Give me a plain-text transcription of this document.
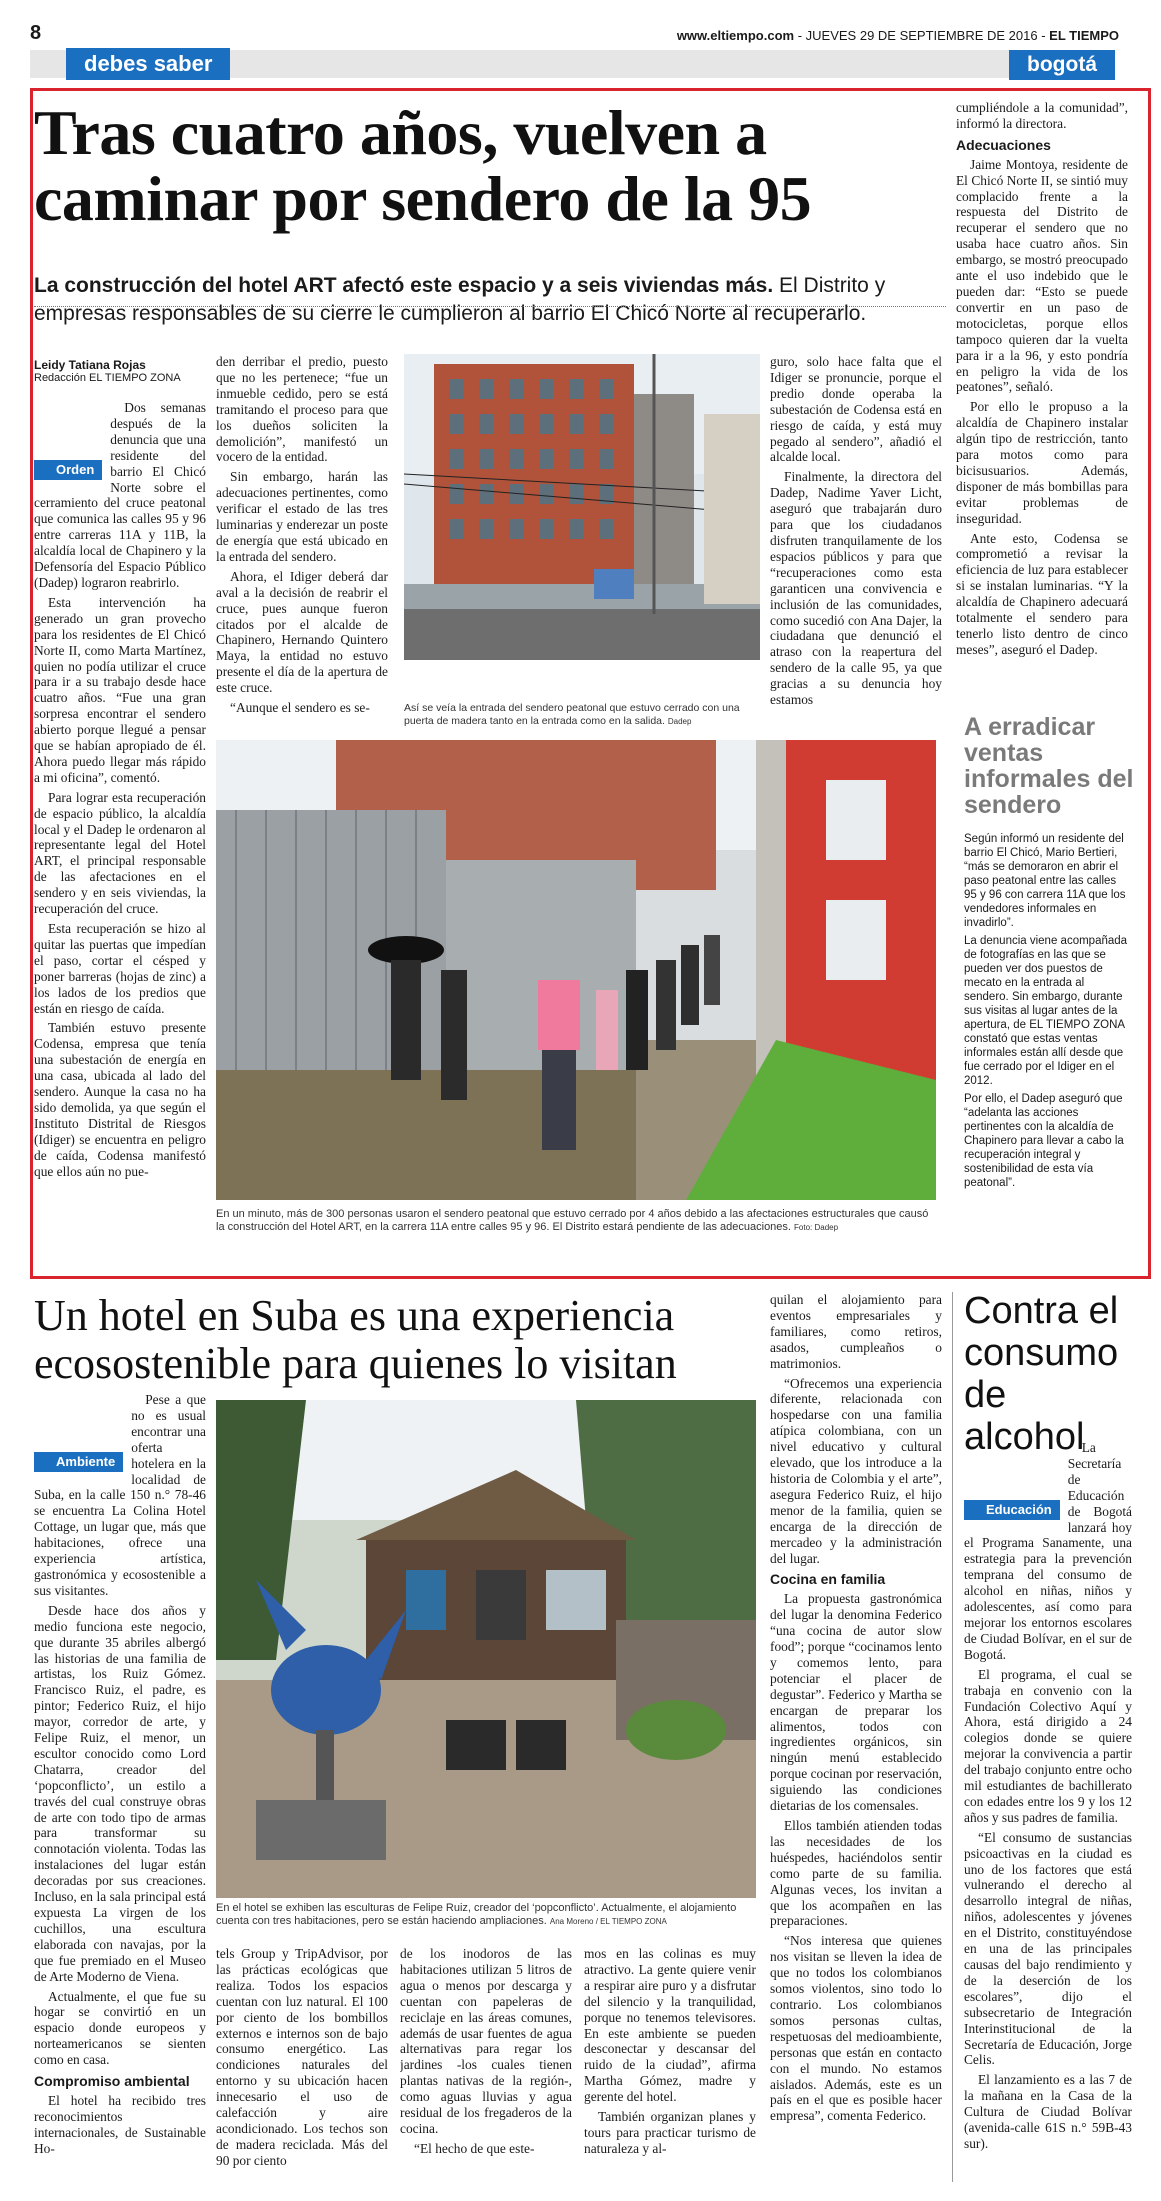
8	www.eltiempo.com - JUEVES 29 DE SEPTIEMBRE DE 2016 - EL TIEMPO
debes saber	bogotá
Tras cuatro años, vuelven a caminar por sendero de la 95
La construcción del hotel ART afectó este espacio y a seis viviendas más. El Distrito y empresas responsables de su cierre le cumplieron al barrio El Chicó Norte al recuperarlo.
Leidy Tatiana Rojas
Redacción EL TIEMPO ZONA

Orden
Dos semanas después de la denuncia que una residente del barrio El Chicó Norte sobre el cerramiento del cruce peatonal que comunica las calles 95 y 96 entre carreras 11A y 11B, la alcaldía local de Chapinero y la Defensoría del Espacio Público (Dadep) lograron reabrirlo.

Esta intervención ha generado un gran provecho para los residentes de El Chicó Norte II, como Marta Martínez, quien no podía utilizar el cruce para ir a su trabajo desde hace cuatro años. “Fue una gran sorpresa encontrar el sendero abierto porque llegué a pensar que se habían apropiado de él. Ahora puedo llegar más rápido a mi oficina”, comentó.

Para lograr esta recuperación de espacio público, la alcaldía local y el Dadep le ordenaron al representante legal del Hotel ART, el principal responsable de las afectaciones en el sendero y en seis viviendas, la recuperación del cruce.

Esta recuperación se hizo al quitar las puertas que impedían el paso, cortar el césped y poner barreras (hojas de zinc) a los lados de los predios que están en riesgo de caída.

También estuvo presente Codensa, empresa que tenía una subestación de energía en una casa, ubicada al lado del sendero. Aunque la casa no ha sido demolida, ya que según el Instituto Distrital de Riesgos (Idiger) se encuentra en peligro de caída, Codensa manifestó que ellos aún no pue-

den derribar el predio, puesto que no les pertenece; “fue un inmueble cedido, pero se está tramitando el proceso para que los dueños soliciten la demolición”, manifestó un vocero de la entidad.

Sin embargo, harán las adecuaciones pertinentes, como verificar el estado de las tres luminarias y enderezar un poste de energía que está ubicado en la entrada del sendero.

Ahora, el Idiger deberá dar aval a la decisión de reabrir el cruce, pues aunque fueron citados por el alcalde de Chapinero, Hernando Quintero Maya, la entidad no estuvo presente el día de la apertura de este cruce.

“Aunque el sendero es se-	Así se veía la entrada del sendero peatonal que estuvo cerrado con una puerta de madera tanto en la entrada como en la salida. Dadep
En un minuto, más de 300 personas usaron el sendero peatonal que estuvo cerrado por 4 años debido a las afectaciones estructurales que causó la construcción del Hotel ART, en la carrera 11A entre calles 95 y 96. El Distrito estará pendiente de las adecuaciones. Foto: Dadep

guro, solo hace falta que el Idiger se pronuncie, porque el predio donde operaba la subestación de Codensa está en riesgo de caída, y está muy pegado al sendero”, añadió el alcalde local.

Finalmente, la directora del Dadep, Nadime Yaver Licht, aseguró que trabajarán duro para que los ciudadanos disfruten tranquilamente de los espacios públicos y para que “recuperaciones como esta garanticen una convivencia e inclusión de las comunidades, como sucedió con Ana Dajer, la ciudadana que denunció el atraso con la reapertura del sendero de la calle 95, ya que gracias a su denuncia hoy estamos

cumpliéndole a la comunidad”, informó la directora.

Adecuaciones

Jaime Montoya, residente de El Chicó Norte II, se sintió muy complacido frente a la respuesta del Distrito de recuperar el sendero que no usaba hace cuatro años. Sin embargo, se mostró preocupado ante el uso indebido que le pueden dar: “Esto se puede convertir en un paso de motocicletas, porque ellos tampoco quieren dar la vuelta para ir a la 96, y esto pondría en peligro la vida de los peatones”, señaló.

Por ello le propuso a la alcaldía de Chapinero instalar algún tipo de restricción, tanto para motos como para bicisusuarios. Además, disponer de más bombillas para evitar problemas de inseguridad.

Ante esto, Codensa se comprometió a revisar la eficiencia de luz para establecer si se instalan luminarias. “Y la alcaldía de Chapinero adecuará totalmente el sendero para tenerlo listo dentro de cinco meses”, aseguró el Dadep.

A erradicar ventas informales del sendero

Según informó un residente del barrio El Chicó, Mario Bertieri, “más se demoraron en abrir el paso peatonal entre las calles 95 y 96 con carrera 11A que los vendedores informales en invadirlo”.

La denuncia viene acompañada de fotografías en las que se pueden ver dos puestos de mecato en la entrada al sendero. Sin embargo, durante sus visitas al lugar antes de la apertura, de EL TIEMPO ZONA constató que estas ventas informales están allí desde que fue cerrado por el Idiger en el 2012.

Por ello, el Dadep aseguró que “adelanta las acciones pertinentes con la alcaldía de Chapinero para llevar a cabo la recuperación integral y sostenibilidad de esta vía peatonal”.

Un hotel en Suba es una experiencia ecosostenible para quienes lo visitan

Ambiente
Pese a que no es usual encontrar una oferta hotelera en la localidad de Suba, en la calle 150 n.° 78-46 se encuentra La Colina Hotel Cottage, un lugar que, más que habitaciones, ofrece una experiencia artística, gastronómica y ecosostenible a sus visitantes.

Desde hace dos años y medio funciona este negocio, que durante 35 abriles albergó las historias de una familia de artistas, los Ruiz Gómez. Francisco Ruiz, el padre, es pintor; Federico Ruiz, el hijo mayor, corredor de arte, y Felipe Ruiz, el menor, un escultor conocido como Lord Chatarra, creador del ‘popconflicto’, un estilo a través del cual construye obras de arte con todo tipo de armas para transformar su connotación violenta. Todas las instalaciones del lugar están decoradas por sus creaciones. Incluso, en la sala principal está expuesta La virgen de los cuchillos, una escultura elaborada con navajas, por la que fue premiado en el Museo de Arte Moderno de Viena.

Actualmente, el que fue su hogar se convirtió en un espacio donde europeos y norteamericanos se sienten como en casa.

Compromiso ambiental

El hotel ha recibido tres reconocimientos internacionales, de Sustainable Ho-

En el hotel se exhiben las esculturas de Felipe Ruiz, creador del ‘popconflicto’. Actualmente, el alojamiento cuenta con tres habitaciones, pero se están haciendo ampliaciones. Ana Moreno / EL TIEMPO ZONA

tels Group y TripAdvisor, por las prácticas ecológicas que realiza. Todos los espacios cuentan con luz natural. El 100 por ciento de los bombillos externos e internos son de bajo consumo energético. Las condiciones naturales del entorno y su ubicación hacen innecesario el uso de calefacción y aire acondicionado. Los techos son de madera reciclada. Más del 90 por ciento

de los inodoros de las habitaciones utilizan 5 litros de agua o menos por descarga y cuentan con papeleras de reciclaje en las áreas comunes, además de usar fuentes de agua alternativas para regar los jardines -los cuales tienen plantas nativas de la región-, como aguas lluvias y agua residual de los fregaderos de la cocina.

“El hecho de que este-

mos en las colinas es muy atractivo. La gente quiere venir a respirar aire puro y a disfrutar del silencio y la tranquilidad, porque no tenemos televisores. En este ambiente se pueden desconectar y descansar del ruido de la ciudad”, afirma Martha Gómez, madre y gerente del hotel.

También organizan planes y tours para practicar turismo de naturaleza y al-

quilan el alojamiento para eventos empresariales y familiares, como retiros, asados, cumpleaños o matrimonios.

“Ofrecemos una experiencia diferente, relacionada con hospedarse con una familia atípica colombiana, con un nivel educativo y cultural elevado, que los introduce a la historia de Colombia y el arte”, asegura Federico Ruiz, el hijo menor de la familia, quien se encarga de la dirección de mercadeo y la administración del lugar.

Cocina en familia

La propuesta gastronómica del lugar la denomina Federico “una cocina de autor slow food”; porque “cocinamos lento y comemos lento, para potenciar el placer de degustar”. Federico y Martha se encargan de preparar los alimentos, todos con ingredientes orgánicos, sin ningún menú establecido porque cocinan por reservación, siguiendo las condiciones dietarias de los comensales.

Ellos también atienden todas las necesidades de los huéspedes, haciéndolos sentir como parte de su familia. Algunas veces, los invitan a que los acompañen en las preparaciones.

“Nos interesa que quienes nos visitan se lleven la idea de que no todos los colombianos somos violentos, sino todo lo contrario. Los colombianos somos personas cultas, respetuosas del medioambiente, personas que están en contacto con el mundo. No estamos aislados. Además, este es un país en el que es posible hacer empresa”, comenta Federico.

Contra el consumo de alcohol

Educación
La Secretaría de Educación de Bogotá lanzará hoy el Programa Sanamente, una estrategia para la prevención temprana del consumo de alcohol en niñas, niños y adolescentes, así como para mejorar los entornos escolares de Ciudad Bolívar, en el sur de Bogotá.

El programa, el cual se trabaja en convenio con la Fundación Colectivo Aquí y Ahora, está dirigido a 24 colegios donde se quiere mejorar la convivencia a partir del trabajo conjunto entre ocho mil estudiantes de bachillerato con edades entre los 9 y los 12 años y sus padres de familia.

“El consumo de sustancias psicoactivas en la ciudad es uno de los factores que está vulnerando el derecho al desarrollo integral de niñas, niños, adolescentes y jóvenes en el Distrito, constituyéndose en una de las principales causas del bajo rendimiento y de la deserción de los escolares”, dijo el subsecretario de Integración Interinstitucional de la Secretaría de Educación, Jorge Celis.

El lanzamiento es a las 7 de la mañana en la Casa de la Cultura de Ciudad Bolívar (avenida-calle 61S n.° 59B-43 sur).
